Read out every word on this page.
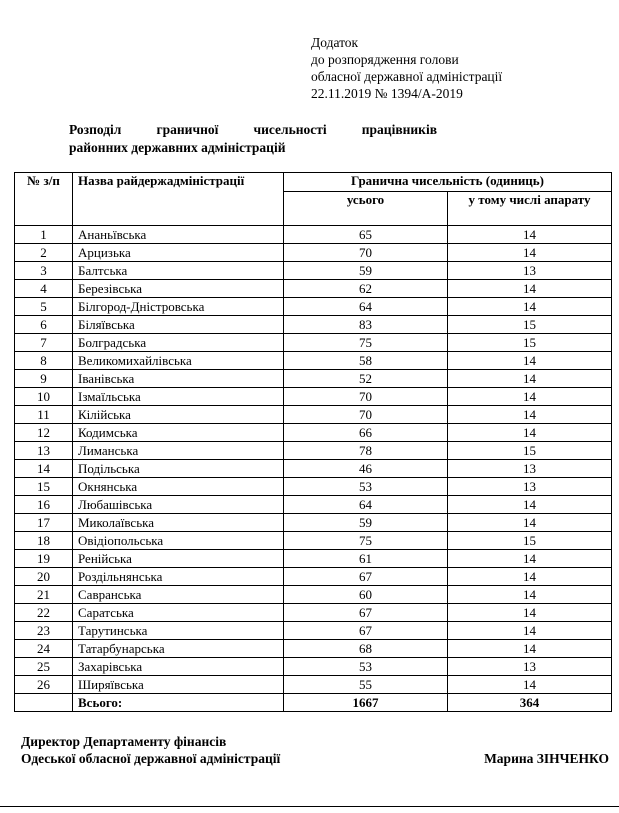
Додаток
до розпорядження голови
обласної державної адміністрації
22.11.2019 № 1394/А-2019
Розподіл	граничної	чисельності	працівників
районних державних адміністрацій
№ з/п	Назва райдержадміністрації	Гранична чисельність (одиниць)	
		усього	у тому числі апарату
1	Ананьївська	65	14
2	Арцизька	70	14
3	Балтська	59	13
4	Березівська	62	14
5	Білгород-Дністровська	64	14
6	Біляївська	83	15
7	Болградська	75	15
8	Великомихайлівська	58	14
9	Іванівська	52	14
10	Ізмаїльська	70	14
11	Кілійська	70	14
12	Кодимська	66	14
13	Лиманська	78	15
14	Подільська	46	13
15	Окнянська	53	13
16	Любашівська	64	14
17	Миколаївська	59	14
18	Овідіопольська	75	15
19	Ренійська	61	14
20	Роздільнянська	67	14
21	Савранська	60	14
22	Саратська	67	14
23	Тарутинська	67	14
24	Татарбунарська	68	14
25	Захарівська	53	13
26	Ширяївська	55	14
	Всього:	1667	364
Директор Департаменту фінансів
Одеської обласної державної адміністрації	Марина ЗІНЧЕНКО
